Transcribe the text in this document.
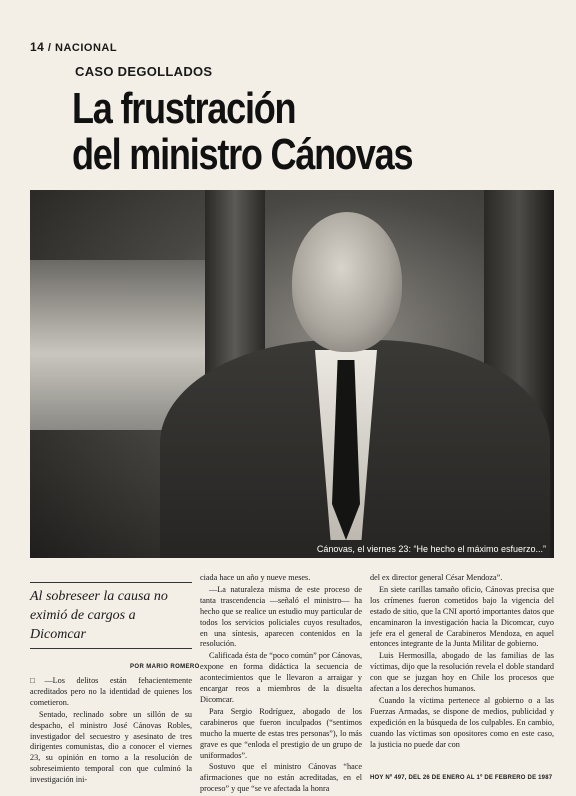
14 / NACIONAL
CASO DEGOLLADOS
La frustración
del ministro Cánovas
Cánovas, el viernes 23: “He hecho el máximo esfuerzo...”

Al sobreseer la causa no eximió de cargos a Dicomcar

POR MARIO ROMERO

□—Los delitos están fehacientemente acreditados pero no la identidad de quienes los cometieron.

Sentado, reclinado sobre un sillón de su despacho, el ministro José Cánovas Robles, investigador del secuestro y asesinato de tres dirigentes comunistas, dio a conocer el viernes 23, su opinión en torno a la resolución de sobreseimiento temporal con que culminó la investigación ini-

ciada hace un año y nueve meses.

—La naturaleza misma de este proceso de tanta trascendencia —señaló el ministro— ha hecho que se realice un estudio muy particular de todos los servicios policiales cuyos resultados, en una síntesis, aparecen contenidos en la resolución.

Calificada ésta de “poco común” por Cánovas, expone en forma didáctica la secuencia de acontecimientos que le llevaron a arraigar y encargar reos a miembros de la disuelta Dicomcar.

Para Sergio Rodríguez, abogado de los carabineros que fueron inculpados (“sentimos mucho la muerte de estas tres personas”), lo más grave es que “enloda el prestigio de un grupo de uniformados”.

Sostuvo que el ministro Cánovas “hace afirmaciones que no están acreditadas, en el proceso” y que “se ve afectada la honra

del ex director general César Mendoza”.

En siete carillas tamaño oficio, Cánovas precisa que los crímenes fueron cometidos bajo la vigencia del estado de sitio, que la CNI aportó importantes datos que encaminaron la investigación hacia la Dicomcar, cuyo jefe era el general de Carabineros Mendoza, en aquel entonces integrante de la Junta Militar de gobierno.

Luis Hermosilla, abogado de las familias de las víctimas, dijo que la resolución revela el doble standard con que se juzgan hoy en Chile los procesos que afectan a los derechos humanos.

Cuando la víctima pertenece al gobierno o a las Fuerzas Armadas, se dispone de medios, publicidad y expedición en la búsqueda de los culpables. En cambio, cuando las víctimas son opositores como en este caso, la justicia no puede dar con

HOY Nº 497, DEL 26 DE ENERO AL 1º DE FEBRERO DE 1987
